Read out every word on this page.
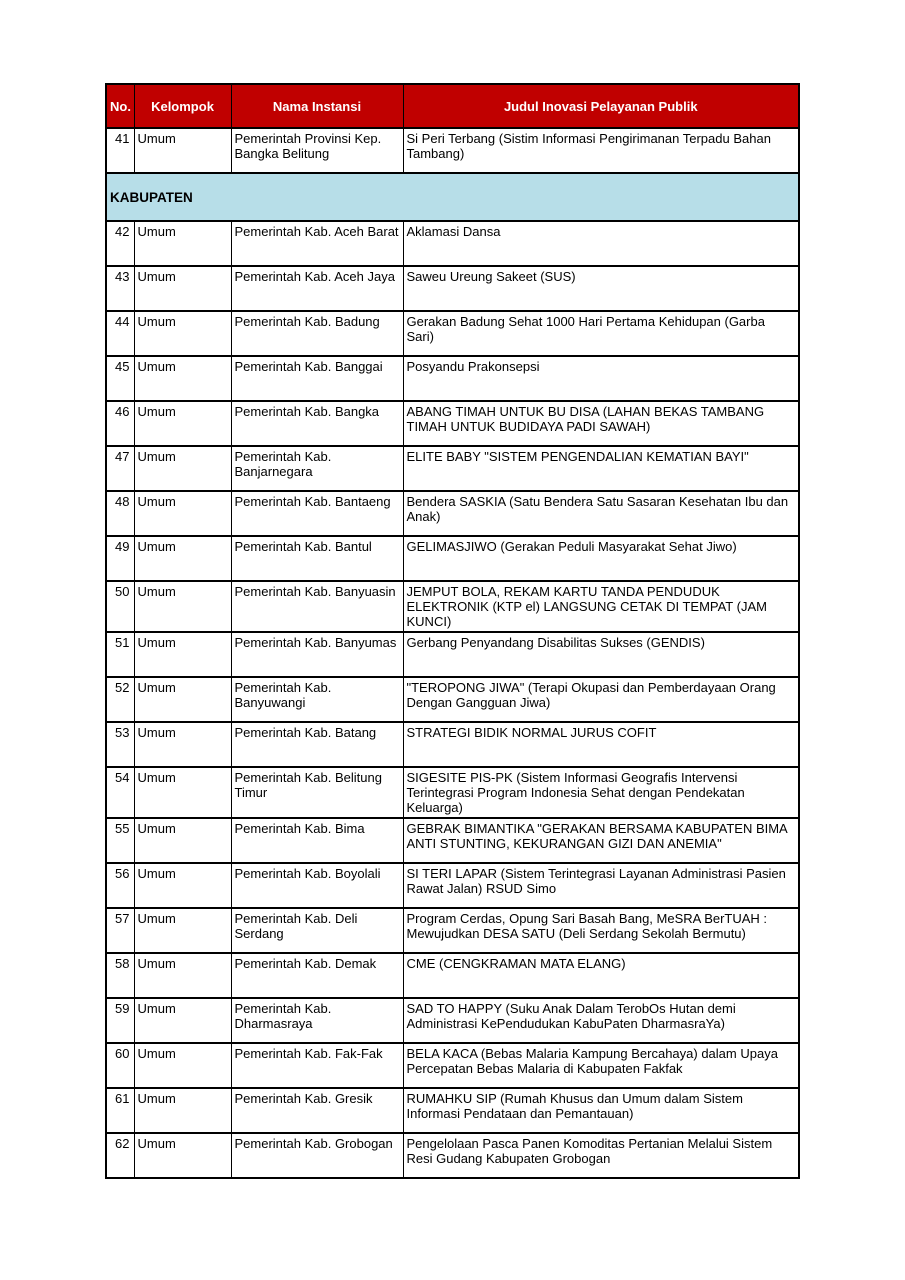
No.	Kelompok	Nama Instansi	Judul Inovasi Pelayanan Publik
41	Umum	Pemerintah Provinsi Kep. Bangka Belitung	Si Peri Terbang (Sistim Informasi Pengirimanan Terpadu Bahan Tambang)
KABUPATEN			
42	Umum	Pemerintah Kab. Aceh Barat	Aklamasi Dansa
43	Umum	Pemerintah Kab. Aceh Jaya	Saweu Ureung Sakeet (SUS)
44	Umum	Pemerintah Kab. Badung	Gerakan Badung Sehat 1000 Hari Pertama Kehidupan (Garba Sari)
45	Umum	Pemerintah Kab. Banggai	Posyandu Prakonsepsi
46	Umum	Pemerintah Kab. Bangka	ABANG TIMAH UNTUK BU DISA (LAHAN BEKAS TAMBANG TIMAH UNTUK BUDIDAYA PADI SAWAH)
47	Umum	Pemerintah Kab. Banjarnegara	ELITE BABY "SISTEM PENGENDALIAN KEMATIAN BAYI"
48	Umum	Pemerintah Kab. Bantaeng	Bendera SASKIA (Satu Bendera Satu Sasaran Kesehatan Ibu dan Anak)
49	Umum	Pemerintah Kab. Bantul	GELIMASJIWO (Gerakan Peduli Masyarakat Sehat Jiwo)
50	Umum	Pemerintah Kab. Banyuasin	JEMPUT BOLA, REKAM KARTU TANDA PENDUDUK ELEKTRONIK (KTP el) LANGSUNG CETAK DI TEMPAT (JAM KUNCI)
51	Umum	Pemerintah Kab. Banyumas	Gerbang Penyandang Disabilitas Sukses (GENDIS)
52	Umum	Pemerintah Kab. Banyuwangi	"TEROPONG JIWA" (Terapi Okupasi dan Pemberdayaan Orang Dengan Gangguan Jiwa)
53	Umum	Pemerintah Kab. Batang	STRATEGI BIDIK NORMAL JURUS COFIT
54	Umum	Pemerintah Kab. Belitung Timur	SIGESITE PIS-PK (Sistem Informasi Geografis Intervensi Terintegrasi Program Indonesia Sehat dengan Pendekatan Keluarga)
55	Umum	Pemerintah Kab. Bima	GEBRAK BIMANTIKA "GERAKAN BERSAMA KABUPATEN BIMA ANTI STUNTING, KEKURANGAN GIZI DAN ANEMIA"
56	Umum	Pemerintah Kab. Boyolali	SI TERI LAPAR (Sistem Terintegrasi Layanan Administrasi Pasien Rawat Jalan) RSUD Simo
57	Umum	Pemerintah Kab. Deli Serdang	Program Cerdas, Opung Sari Basah Bang, MeSRA BerTUAH : Mewujudkan DESA SATU (Deli Serdang Sekolah Bermutu)
58	Umum	Pemerintah Kab. Demak	CME (CENGKRAMAN MATA ELANG)
59	Umum	Pemerintah Kab. Dharmasraya	SAD TO HAPPY (Suku Anak Dalam TerobOs Hutan demi Administrasi KePendudukan KabuPaten DharmasraYa)
60	Umum	Pemerintah Kab. Fak-Fak	BELA KACA (Bebas Malaria Kampung Bercahaya) dalam Upaya Percepatan Bebas Malaria di Kabupaten Fakfak
61	Umum	Pemerintah Kab. Gresik	RUMAHKU SIP (Rumah Khusus dan Umum dalam Sistem Informasi Pendataan dan Pemantauan)
62	Umum	Pemerintah Kab. Grobogan	Pengelolaan Pasca Panen Komoditas Pertanian Melalui Sistem Resi Gudang Kabupaten Grobogan
